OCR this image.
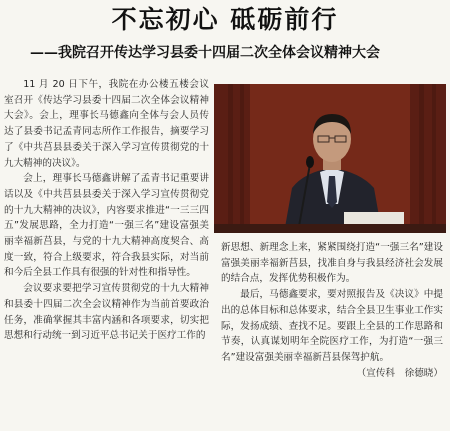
不忘初心 砥砺前行
——我院召开传达学习县委十四届二次全体会议精神大会

11 月 20 日下午，我院在办公楼五楼会议室召开《传达学习县委十四届二次全体会议精神大会》。会上，理事长马德鑫向全体与会人员传达了县委书记孟青同志所作工作报告，摘要学习了《中共莒县县委关于深入学习宣传贯彻党的十九大精神的决议》。

会上，理事长马德鑫讲解了孟青书记重要讲话以及《中共莒县县委关于深入学习宣传贯彻党的十九大精神的决议》，内容要求推进“一三三四五”发展思路，全力打造“一强三名”建设富强美丽幸福新莒县，与党的十九大精神高度契合、高度一致，符合上级要求，符合我县实际，对当前和今后全县工作具有很强的针对性和指导性。

会议要求要把学习宣传贯彻党的十九大精神和县委十四届二次全会议精神作为当前首要政治任务，准确掌握其丰富内涵和各项要求，切实把思想和行动统一到习近平总书记关于医疗工作的

新思想、新理念上来，紧紧围绕打造“一强三名”建设富强美丽幸福新莒县，找准自身与我县经济社会发展的结合点，发挥优势积极作为。

最后，马德鑫要求，要对照报告及《决议》中提出的总体目标和总体要求，结合全县卫生事业工作实际，发扬成绩、查找不足。要跟上全县的工作思路和节奏，认真谋划明年全院医疗工作，为打造“一强三名”建设富强美丽幸福新莒县保驾护航。

（宣传科　徐德晓）
